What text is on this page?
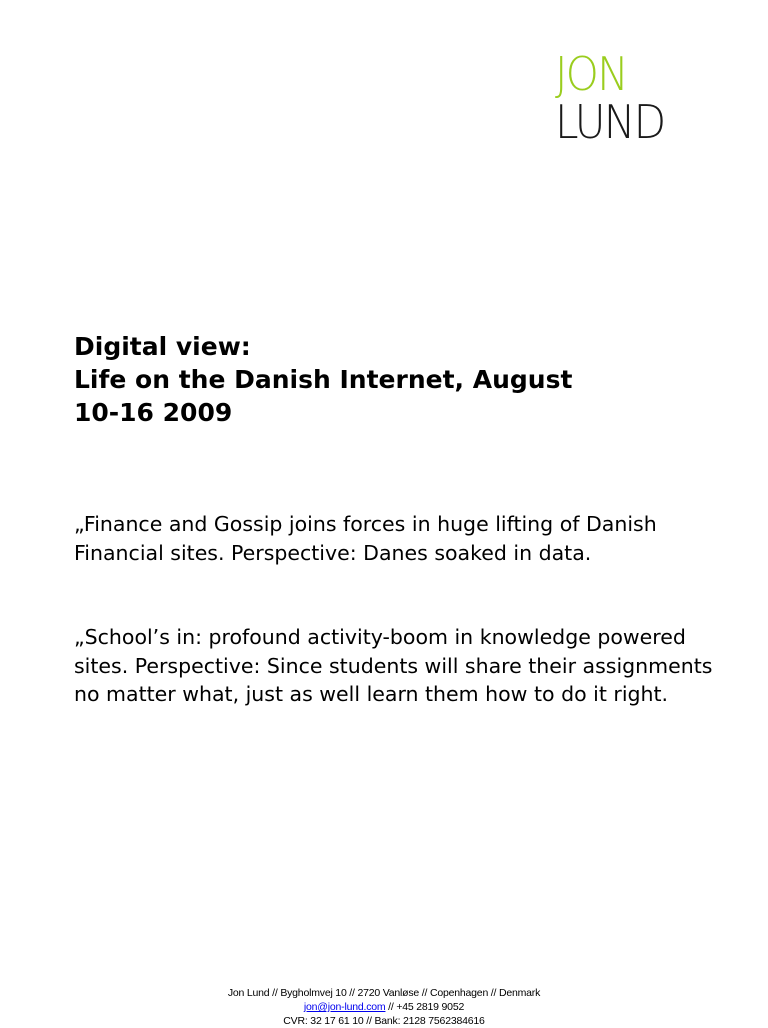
JON
LUND
Digital view:
Life on the Danish Internet, August
10-16 2009

„Finance and Gossip joins forces in huge lifting of Danish Financial sites. Perspective: Danes soaked in data.

„School’s in: profound activity-boom in knowledge powered sites. Perspective: Since students will share their assignments no matter what, just as well learn them how to do it right.

Jon Lund // Bygholmvej 10 // 2720 Vanløse // Copenhagen // Denmark
jon@jon-lund.com // +45 2819 9052
CVR: 32 17 61 10 // Bank: 2128 7562384616
